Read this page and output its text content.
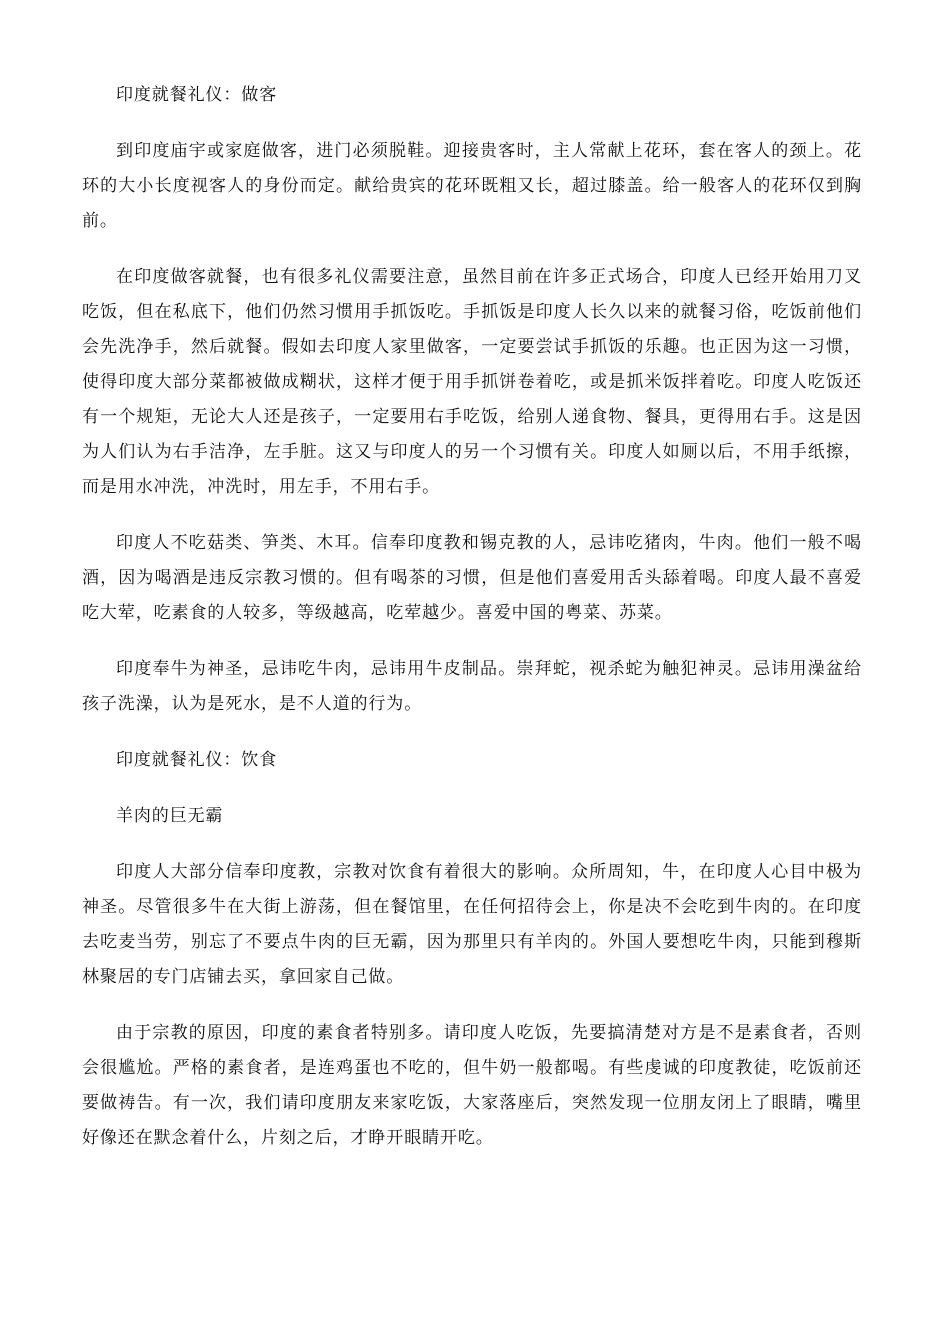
印度就餐礼仪：做客

到印度庙宇或家庭做客，进门必须脱鞋。迎接贵客时，主人常献上花环，套在客人的颈上。花环的大小长度视客人的身份而定。献给贵宾的花环既粗又长，超过膝盖。给一般客人的花环仅到胸前。

在印度做客就餐，也有很多礼仪需要注意，虽然目前在许多正式场合，印度人已经开始用刀叉吃饭，但在私底下，他们仍然习惯用手抓饭吃。手抓饭是印度人长久以来的就餐习俗，吃饭前他们会先洗净手，然后就餐。假如去印度人家里做客，一定要尝试手抓饭的乐趣。也正因为这一习惯，使得印度大部分菜都被做成糊状，这样才便于用手抓饼卷着吃，或是抓米饭拌着吃。印度人吃饭还有一个规矩，无论大人还是孩子，一定要用右手吃饭，给别人递食物、餐具，更得用右手。这是因为人们认为右手洁净，左手脏。这又与印度人的另一个习惯有关。印度人如厕以后，不用手纸擦，而是用水冲洗，冲洗时，用左手，不用右手。

印度人不吃菇类、笋类、木耳。信奉印度教和锡克教的人，忌讳吃猪肉，牛肉。他们一般不喝酒，因为喝酒是违反宗教习惯的。但有喝茶的习惯，但是他们喜爱用舌头舔着喝。印度人最不喜爱吃大荤，吃素食的人较多，等级越高，吃荤越少。喜爱中国的粤菜、苏菜。

印度奉牛为神圣，忌讳吃牛肉，忌讳用牛皮制品。崇拜蛇，视杀蛇为触犯神灵。忌讳用澡盆给孩子洗澡，认为是死水，是不人道的行为。

印度就餐礼仪：饮食

羊肉的巨无霸

印度人大部分信奉印度教，宗教对饮食有着很大的影响。众所周知，牛，在印度人心目中极为神圣。尽管很多牛在大街上游荡，但在餐馆里，在任何招待会上，你是决不会吃到牛肉的。在印度去吃麦当劳，别忘了不要点牛肉的巨无霸，因为那里只有羊肉的。外国人要想吃牛肉，只能到穆斯林聚居的专门店铺去买，拿回家自己做。

由于宗教的原因，印度的素食者特别多。请印度人吃饭，先要搞清楚对方是不是素食者，否则会很尴尬。严格的素食者，是连鸡蛋也不吃的，但牛奶一般都喝。有些虔诚的印度教徒，吃饭前还要做祷告。有一次，我们请印度朋友来家吃饭，大家落座后，突然发现一位朋友闭上了眼睛，嘴里好像还在默念着什么，片刻之后，才睁开眼睛开吃。
